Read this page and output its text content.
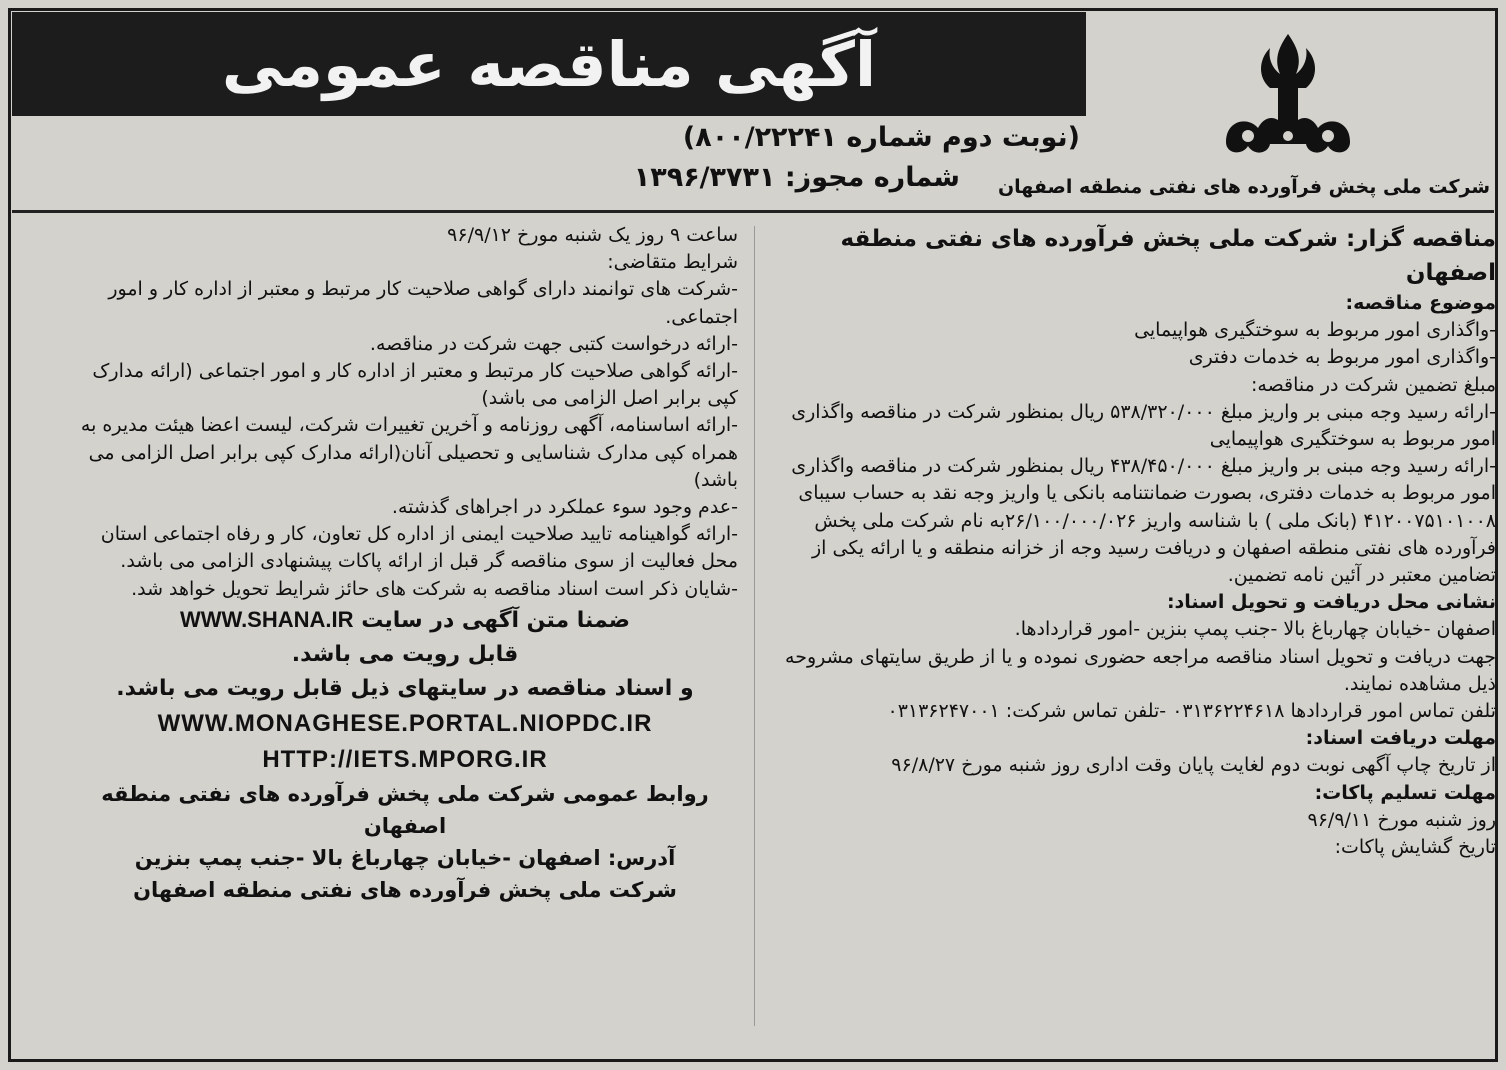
آگهی مناقصه عمومی
شرکت ملی پخش فرآورده های نفتی منطقه اصفهان
(نوبت دوم شماره ۸۰۰/۲۲۲۴۱)
شماره مجوز: ۱۳۹۶/۳۷۳۱

مناقصه گزار: شرکت ملی پخش فرآورده های نفتی منطقه اصفهان

موضوع مناقصه:

-واگذاری امور مربوط به سوختگیری هواپیمایی

-واگذاری امور مربوط به خدمات دفتری

مبلغ تضمین شرکت در مناقصه:

-ارائه رسید وجه مبنی بر واریز مبلغ ۵۳۸/۳۲۰/۰۰۰ ریال بمنظور شرکت در مناقصه واگذاری امور مربوط به سوختگیری هواپیمایی

-ارائه رسید وجه مبنی بر واریز مبلغ ۴۳۸/۴۵۰/۰۰۰ ریال بمنظور شرکت در مناقصه واگذاری امور مربوط به خدمات دفتری، بصورت ضمانتنامه بانکی یا واریز وجه نقد به حساب سیبای ۴۱۲۰۰۷۵۱۰۱۰۰۸ (بانک ملی ) با شناسه واریز ۲۶/۱۰۰/۰۰۰/۰۲۶به نام شرکت ملی پخش فرآورده های نفتی منطقه اصفهان و دریافت رسید وجه از خزانه منطقه و یا ارائه یکی از تضامین معتبر در آئین نامه تضمین.

نشانی محل دریافت و تحویل اسناد:

اصفهان -خیابان چهارباغ بالا -جنب پمپ بنزین -امور قراردادها.

جهت دریافت و تحویل اسناد مناقصه مراجعه حضوری نموده و یا از طریق سایتهای مشروحه ذیل مشاهده نمایند.

تلفن تماس امور قراردادها ۰۳۱۳۶۲۲۴۶۱۸ -تلفن تماس شرکت: ۰۳۱۳۶۲۴۷۰۰۱

مهلت دریافت اسناد:

از تاریخ چاپ آگهی نوبت دوم لغایت پایان وقت اداری روز شنبه مورخ ۹۶/۸/۲۷

مهلت تسلیم پاکات:

روز شنبه مورخ ۹۶/۹/۱۱

تاریخ گشایش پاکات:

ساعت ۹ روز یک شنبه مورخ ۹۶/۹/۱۲

شرایط متقاضی:

-شرکت های توانمند دارای گواهی صلاحیت کار مرتبط و معتبر از اداره کار و امور اجتماعی.

-ارائه درخواست کتبی جهت شرکت در مناقصه.

-ارائه گواهی صلاحیت کار مرتبط و معتبر از اداره کار و امور اجتماعی (ارائه مدارک کپی برابر اصل الزامی می باشد)

-ارائه اساسنامه، آگهی روزنامه و آخرین تغییرات شرکت، لیست اعضا هیئت مدیره به همراه کپی مدارک شناسایی و تحصیلی آنان(ارائه مدارک کپی برابر اصل الزامی می باشد)

-عدم وجود سوء عملکرد در اجراهای گذشته.

-ارائه گواهینامه تایید صلاحیت ایمنی از اداره کل تعاون، کار و رفاه اجتماعی استان محل فعالیت از سوی مناقصه گر قبل از ارائه پاکات پیشنهادی الزامی می باشد.

-شایان ذکر است اسناد مناقصه به شرکت های حائز شرایط تحویل خواهد شد.

ضمنا متن آگهی در سایت WWW.SHANA.IR

قابل رویت می باشد.

و اسناد مناقصه در سایتهای ذیل قابل رویت می باشد.

WWW.MONAGHESE.PORTAL.NIOPDC.IR

HTTP://IETS.MPORG.IR

روابط عمومی شرکت ملی پخش فرآورده های نفتی منطقه اصفهان

آدرس: اصفهان -خیابان چهارباغ بالا -جنب پمپ بنزین

شرکت ملی پخش فرآورده های نفتی منطقه اصفهان
